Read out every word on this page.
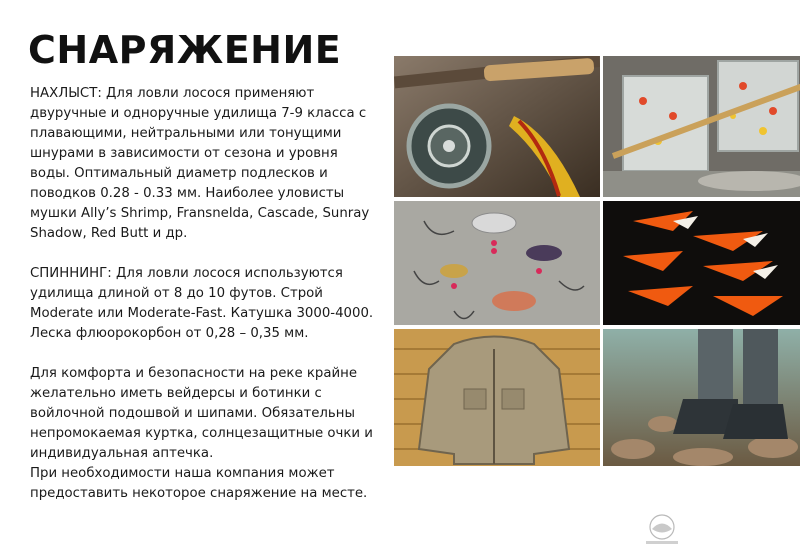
СНАРЯЖЕНИЕ

НАХЛЫСТ: Для ловли лосося применяют двуручные и одноручные удилища 7-9 класса с плавающими, нейтральными или тонущими шнурами в зависимости от сезона и уровня воды. Оптимальный диаметр подлесков и поводков 0.28 - 0.33 мм. Наиболее уловисты мушки Ally’s Shrimp, Fransnelda, Cascade, Sunray Shadow, Red Butt и др.

СПИННИНГ: Для ловли лосося используются удилища длиной от 8 до 10 футов. Строй Moderate или Moderate-Fast. Катушка 3000-4000. Леска флюорокорбон от 0,28 – 0,35 мм.

Для комфорта и безопасности на реке крайне желательно иметь вейдерсы и ботинки с войлочной подошвой и шипами. Обязательны непромокаемая куртка, солнцезащитные очки и индивидуальная аптечка.

При необходимости наша компания может предоставить некоторое снаряжение на месте.
